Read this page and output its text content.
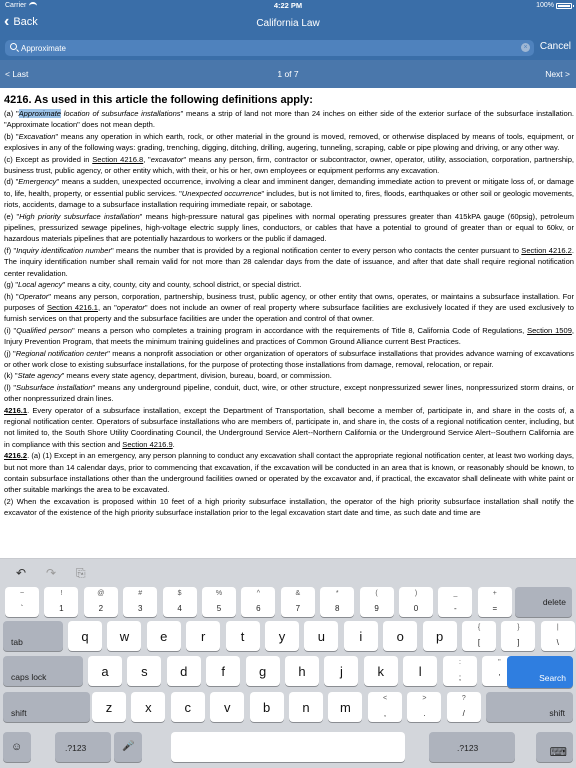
Carrier	4:22 PM	100%
‹ Back	California Law
Approximate
× Cancel
< Last	1 of 7	Next >
4216. As used in this article the following definitions apply:
(a) "Approximate location of subsurface installations" means a strip of land not more than 24 inches on either side of the exterior surface of the subsurface installation. "Approximate location" does not mean depth.
(b) "Excavation" means any operation in which earth, rock, or other material in the ground is moved, removed, or otherwise displaced by means of tools, equipment, or explosives in any of the following ways: grading, trenching, digging, ditching, drilling, augering, tunneling, scraping, cable or pipe plowing and driving, or any other way.
(c) Except as provided in Section 4216.8, "excavator" means any person, firm, contractor or subcontractor, owner, operator, utility, association, corporation, partnership, business trust, public agency, or other entity which, with their, or his or her, own employees or equipment performs any excavation.
(d) "Emergency" means a sudden, unexpected occurrence, involving a clear and imminent danger, demanding immediate action to prevent or mitigate loss of, or damage to, life, health, property, or essential public services. "Unexpected occurrence" includes, but is not limited to, fires, floods, earthquakes or other soil or geologic movements, riots, accidents, damage to a subsurface installation requiring immediate repair, or sabotage.
(e) "High priority subsurface installation" means high-pressure natural gas pipelines with normal operating pressures greater than 415kPA gauge (60psig), petroleum pipelines, pressurized sewage pipelines, high-voltage electric supply lines, conductors, or cables that have a potential to ground of greater than or equal to 60kv, or hazardous materials pipelines that are potentially hazardous to workers or the public if damaged.
(f) "Inquiry identification number" means the number that is provided by a regional notification center to every person who contacts the center pursuant to Section 4216.2. The inquiry identification number shall remain valid for not more than 28 calendar days from the date of issuance, and after that date shall require regional notification center revalidation.
(g) "Local agency" means a city, county, city and county, school district, or special district.
(h) "Operator" means any person, corporation, partnership, business trust, public agency, or other entity that owns, operates, or maintains a subsurface installation. For purposes of Section 4216.1, an "operator" does not include an owner of real property where subsurface facilities are exclusively located if they are used exclusively to furnish services on that property and the subsurface facilities are under the operation and control of that owner.
(i) "Qualified person" means a person who completes a training program in accordance with the requirements of Title 8, California Code of Regulations, Section 1509, Injury Prevention Program, that meets the minimum training guidelines and practices of Common Ground Alliance current Best Practices.
(j) "Regional notification center" means a nonprofit association or other organization of operators of subsurface installations that provides advance warning of excavations or other work close to existing subsurface installations, for the purpose of protecting those installations from damage, removal, relocation, or repair.
(k) "State agency" means every state agency, department, division, bureau, board, or commission.
(l) "Subsurface installation" means any underground pipeline, conduit, duct, wire, or other structure, except nonpressurized sewer lines, nonpressurized storm drains, or other nonpressurized drain lines.
4216.1. Every operator of a subsurface installation, except the Department of Transportation, shall become a member of, participate in, and share in the costs of, a regional notification center. Operators of subsurface installations who are members of, participate in, and share in, the costs of a regional notification center, including, but not limited to, the South Shore Utility Coordinating Council, the Underground Service Alert--Northern California or the Underground Service Alert--Southern California are in compliance with this section and Section 4216.9.
4216.2. (a) (1) Except in an emergency, any person planning to conduct any excavation shall contact the appropriate regional notification center, at least two working days, but not more than 14 calendar days, prior to commencing that excavation, if the excavation will be conducted in an area that is known, or reasonably should be known, to contain subsurface installations other than the underground facilities owned or operated by the excavator and, if practical, the excavator shall delineate with white paint or other suitable markings the area to be excavated.
(2) When the excavation is proposed within 10 feet of a high priority subsurface installation, the operator of the high priority subsurface installation shall notify the excavator of the existence of the high priority subsurface installation prior to the legal excavation start date and time, as such date and time are
↶ ↷ ⎘
~
`
!
1
@
2
#
3
$
4
%
5
^
6
&
7
*
8
(
9
)
0
_
-
+
=
delete
tab	q	w	e	r	t	y	u	i	o	p
{
[
}
]
|
\
caps lock	a	s	d	f	g	h	j	k	l
:
;
"
'	Search
shift	z	x	c	v	b	n	m
<
,
>
.
?
/	shift
☺	.?123	🎤	.?123	⌨
